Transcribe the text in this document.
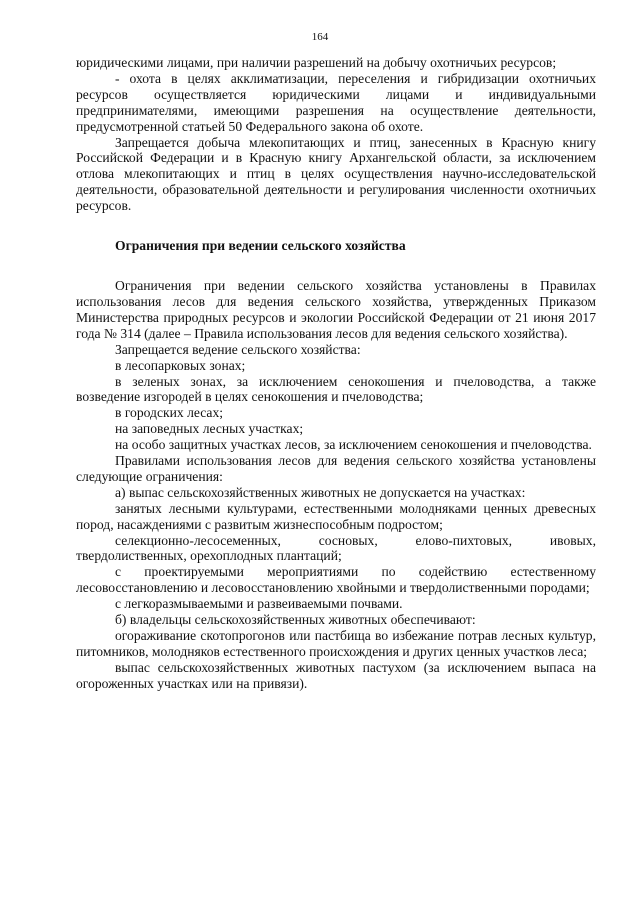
164

юридическими лицами, при наличии разрешений на добычу охотничьих ресурсов;

- охота в целях акклиматизации, переселения и гибридизации охотничьих ресурсов осуществляется юридическими лицами и индивидуальными предпринимателями, имеющими разрешения на осуществление деятельности, предусмотренной статьей 50 Федерального закона об охоте.

Запрещается добыча млекопитающих и птиц, занесенных в Красную книгу Российской Федерации и в Красную книгу Архангельской области, за исключением отлова млекопитающих и птиц в целях осуществления научно-исследовательской деятельности, образовательной деятельности и регулирования численности охотничьих ресурсов.

Ограничения при ведении сельского хозяйства

Ограничения при ведении сельского хозяйства установлены в Правилах использования лесов для ведения сельского хозяйства, утвержденных Приказом Министерства природных ресурсов и экологии Российской Федерации от 21 июня 2017 года № 314 (далее – Правила использования лесов для ведения сельского хозяйства).

Запрещается ведение сельского хозяйства:

в лесопарковых зонах;

в зеленых зонах, за исключением сенокошения и пчеловодства, а также возведение изгородей в целях сенокошения и пчеловодства;

в городских лесах;

на заповедных лесных участках;

на особо защитных участках лесов, за исключением сенокошения и пчеловодства.

Правилами использования лесов для ведения сельского хозяйства установлены следующие ограничения:

а) выпас сельскохозяйственных животных не допускается на участках:

занятых лесными культурами, естественными молодняками ценных древесных пород, насаждениями с развитым жизнеспособным подростом;

селекционно-лесосеменных, сосновых, елово-пихтовых, ивовых, твердолиственных, орехоплодных плантаций;

с проектируемыми мероприятиями по содействию естественному лесовосстановлению и лесовосстановлению хвойными и твердолиственными породами;

с легкоразмываемыми и развеиваемыми почвами.

б) владельцы сельскохозяйственных животных обеспечивают:

огораживание скотопрогонов или пастбища во избежание потрав лесных культур, питомников, молодняков естественного происхождения и других ценных участков леса;

выпас сельскохозяйственных животных пастухом (за исключением выпаса на огороженных участках или на привязи).
